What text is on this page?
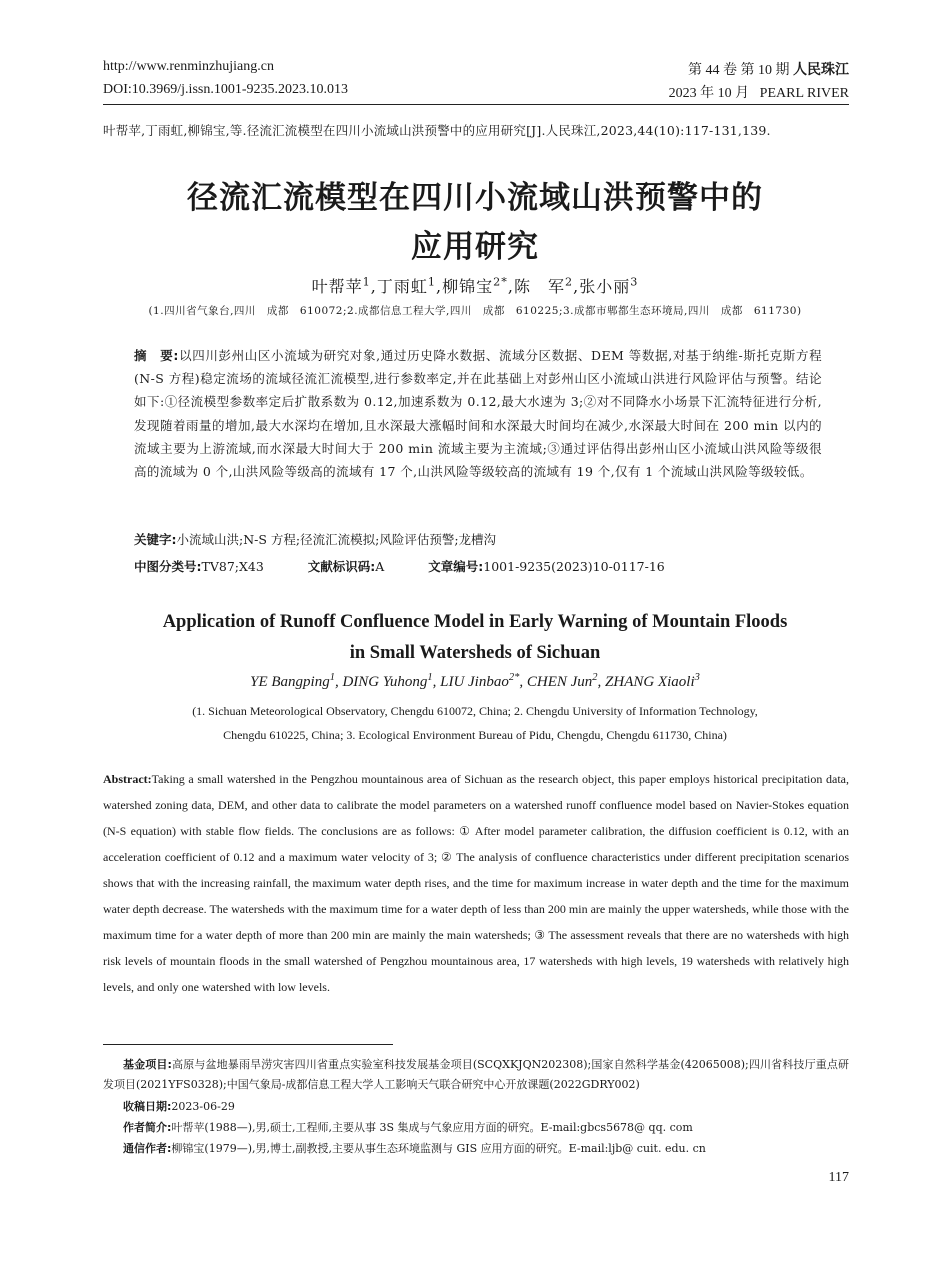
http://www.renminzhujiang.cn
DOI:10.3969/j.issn.1001-9235.2023.10.013
第 44 卷 第 10 期 人民珠江
2023 年 10 月 PEARL RIVER
叶帮苹,丁雨虹,柳锦宝,等.径流汇流模型在四川小流域山洪预警中的应用研究[J].人民珠江,2023,44(10):117-131,139.
径流汇流模型在四川小流域山洪预警中的
应用研究
叶帮苹$^1$,丁雨虹$^1$,柳锦宝$^{2*}$,陈　军$^2$,张小丽$^3$
(1.四川省气象台,四川　成都　610072;2.成都信息工程大学,四川　成都　610225;3.成都市郫都生态环境局,四川　成都　611730)
摘　要:以四川彭州山区小流域为研究对象,通过历史降水数据、流域分区数据、DEM 等数据,对基于纳维-斯托克斯方程(N-S 方程)稳定流场的流域径流汇流模型,进行参数率定,并在此基础上对彭州山区小流域山洪进行风险评估与预警。结论如下:①径流模型参数率定后扩散系数为 0.12,加速系数为 0.12,最大水速为 3;②对不同降水小场景下汇流特征进行分析,发现随着雨量的增加,最大水深均在增加,且水深最大涨幅时间和水深最大时间均在减少,水深最大时间在 200 min 以内的流域主要为上游流域,而水深最大时间大于 200 min 流域主要为主流域;③通过评估得出彭州山区小流域山洪风险等级很高的流域为 0 个,山洪风险等级高的流域有 17 个,山洪风险等级较高的流域有 19 个,仅有 1 个流域山洪风险等级较低。
关键字:小流域山洪;N-S 方程;径流汇流模拟;风险评估预警;龙槽沟
中图分类号:TV87;X43	文献标识码:A	文章编号:1001-9235(2023)10-0117-16
Application of Runoff Confluence Model in Early Warning of Mountain Floods
in Small Watersheds of Sichuan
YE Bangping$^1$, DING Yuhong$^1$, LIU Jinbao$^{2*}$, CHEN Jun$^2$, ZHANG Xiaoli$^3$
(1. Sichuan Meteorological Observatory, Chengdu 610072, China; 2. Chengdu University of Information Technology,
Chengdu 610225, China; 3. Ecological Environment Bureau of Pidu, Chengdu, Chengdu 611730, China)
Abstract:Taking a small watershed in the Pengzhou mountainous area of Sichuan as the research object, this paper employs historical precipitation data, watershed zoning data, DEM, and other data to calibrate the model parameters on a watershed runoff confluence model based on Navier-Stokes equation (N-S equation) with stable flow fields. The conclusions are as follows: ① After model parameter calibration, the diffusion coefficient is 0.12, with an acceleration coefficient of 0.12 and a maximum water velocity of 3; ② The analysis of confluence characteristics under different precipitation scenarios shows that with the increasing rainfall, the maximum water depth rises, and the time for maximum increase in water depth and the time for the maximum water depth decrease. The watersheds with the maximum time for a water depth of less than 200 min are mainly the upper watersheds, while those with the maximum time for a water depth of more than 200 min are mainly the main watersheds; ③ The assessment reveals that there are no watersheds with high risk levels of mountain floods in the small watershed of Pengzhou mountainous area, 17 watersheds with high levels, 19 watersheds with relatively high levels, and only one watershed with low levels.
基金项目:高原与盆地暴雨旱涝灾害四川省重点实验室科技发展基金项目(SCQXKJQN202308);国家自然科学基金(42065008);四川省科技厅重点研发项目(2021YFS0328);中国气象局-成都信息工程大学人工影响天气联合研究中心开放课题(2022GDRY002)
收稿日期:2023-06-29
作者简介:叶帮苹(1988—),男,硕士,工程师,主要从事 3S 集成与气象应用方面的研究。E-mail:gbcs5678@ qq. com
通信作者:柳锦宝(1979—),男,博士,副教授,主要从事生态环境监测与 GIS 应用方面的研究。E-mail:ljb@ cuit. edu. cn
117
